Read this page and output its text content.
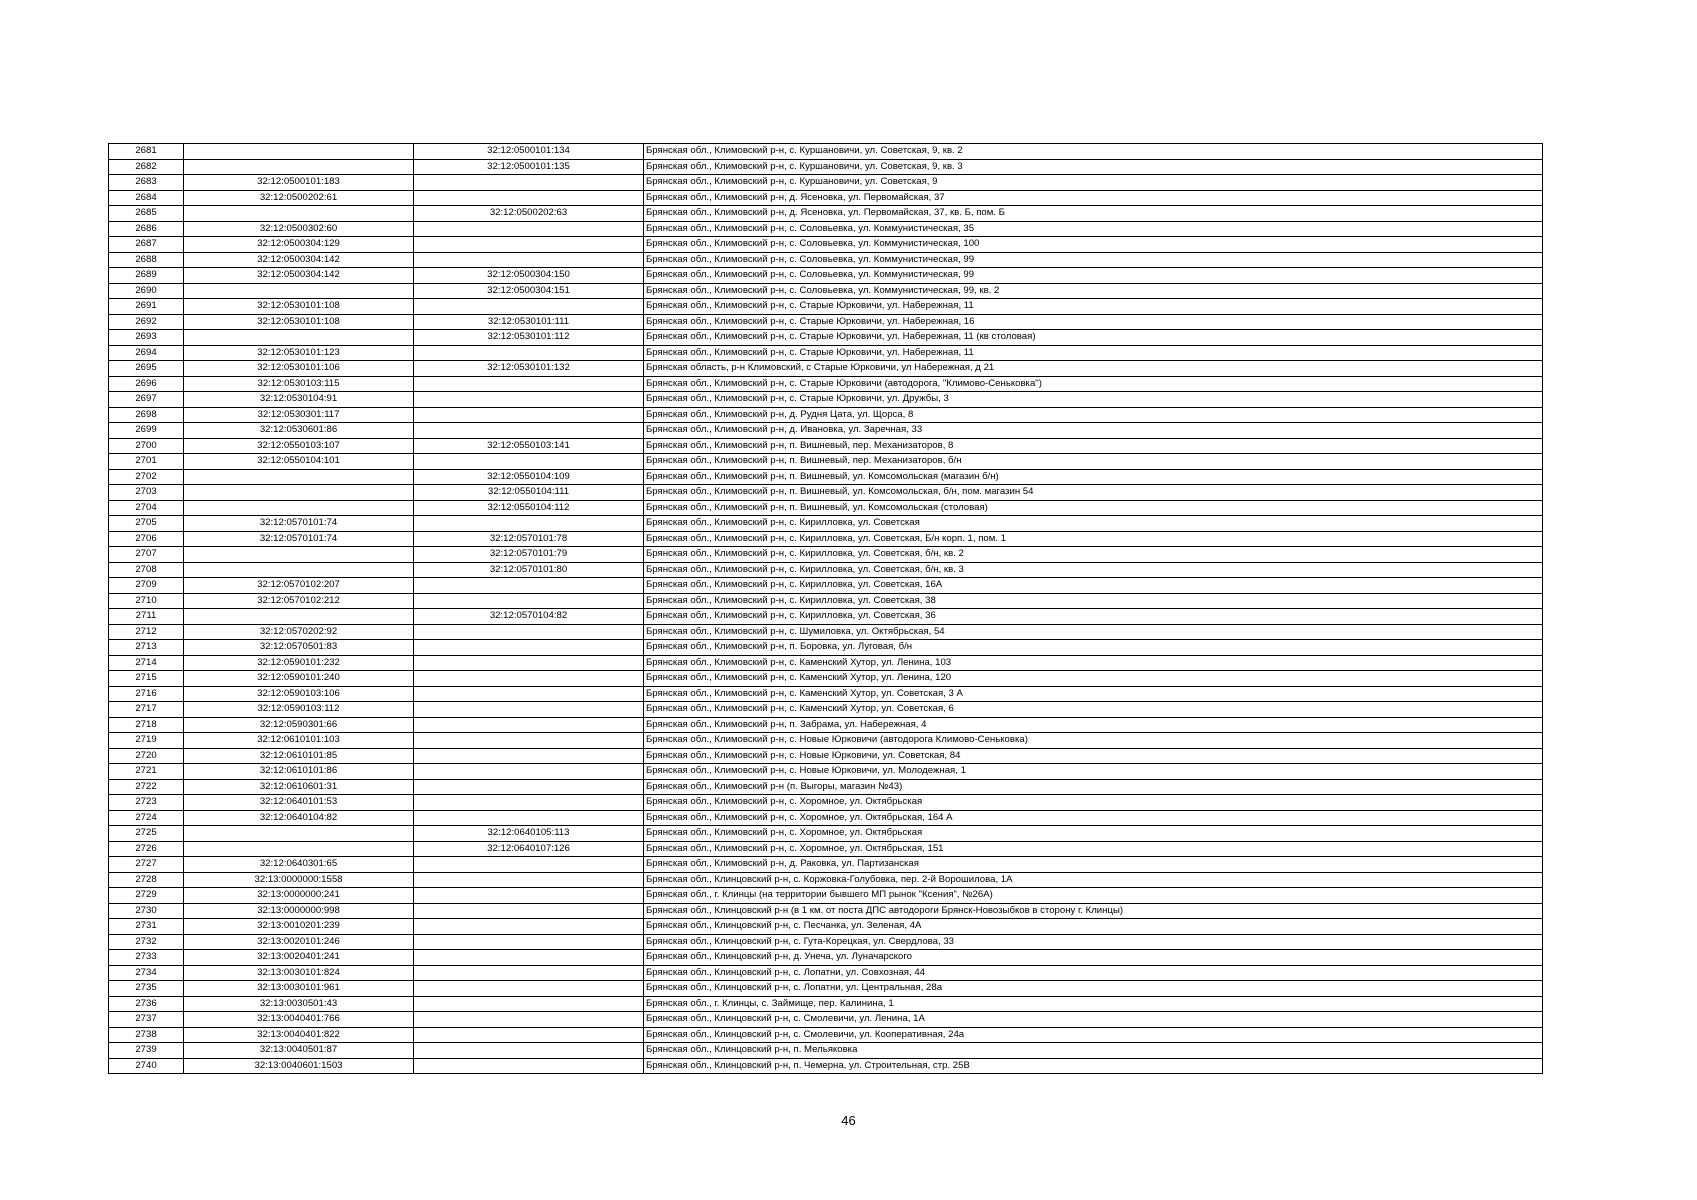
2681		32:12:0500101:134	Брянская обл., Климовский р-н, с. Куршановичи, ул. Советская, 9, кв. 2
2682		32:12:0500101:135	Брянская обл., Климовский р-н, с. Куршановичи, ул. Советская, 9, кв. 3
2683	32:12:0500101:183		Брянская обл., Климовский р-н, с. Куршановичи, ул. Советская, 9
2684	32:12:0500202:61		Брянская обл., Климовский р-н, д. Ясеновка, ул. Первомайская, 37
2685		32:12:0500202:63	Брянская обл., Климовский р-н, д. Ясеновка, ул. Первомайская, 37, кв. Б, пом. Б
2686	32:12:0500302:60		Брянская обл., Климовский р-н, с. Соловьевка, ул. Коммунистическая, 35
2687	32:12:0500304:129		Брянская обл., Климовский р-н, с. Соловьевка, ул. Коммунистическая, 100
2688	32:12:0500304:142		Брянская обл., Климовский р-н, с. Соловьевка, ул. Коммунистическая, 99
2689	32:12:0500304:142	32:12:0500304:150	Брянская обл., Климовский р-н, с. Соловьевка, ул. Коммунистическая, 99
2690		32:12:0500304:151	Брянская обл., Климовский р-н, с. Соловьевка, ул. Коммунистическая, 99, кв. 2
2691	32:12:0530101:108		Брянская обл., Климовский р-н, с. Старые Юрковичи, ул. Набережная, 11
2692	32:12:0530101:108	32:12:0530101:111	Брянская обл., Климовский р-н, с. Старые Юрковичи, ул. Набережная, 16
2693		32:12:0530101:112	Брянская обл., Климовский р-н, с. Старые Юрковичи, ул. Набережная, 11 (кв столовая)
2694	32:12:0530101:123		Брянская обл., Климовский р-н, с. Старые Юрковичи, ул. Набережная, 11
2695	32:12:0530101:106	32:12:0530101:132	Брянская область, р-н Климовский, с Старые Юрковичи, ул Набережная, д 21
2696	32:12:0530103:115		Брянская обл., Климовский р-н, с. Старые Юрковичи (автодорога, "Климово-Сеньковка")
2697	32:12:0530104:91		Брянская обл., Климовский р-н, с. Старые Юрковичи, ул. Дружбы, 3
2698	32:12:0530301:117		Брянская обл., Климовский р-н, д. Рудня Цата, ул. Щорса, 8
2699	32:12:0530601:86		Брянская обл., Климовский р-н, д. Ивановка, ул. Заречная, 33
2700	32:12:0550103:107	32:12:0550103:141	Брянская обл., Климовский р-н, п. Вишневый, пер. Механизаторов, 8
2701	32:12:0550104:101		Брянская обл., Климовский р-н, п. Вишневый, пер. Механизаторов, б/н
2702		32:12:0550104:109	Брянская обл., Климовский р-н, п. Вишневый, ул. Комсомольская (магазин б/н)
2703		32:12:0550104:111	Брянская обл., Климовский р-н, п. Вишневый, ул. Комсомольская, б/н, пом. магазин 54
2704		32:12:0550104:112	Брянская обл., Климовский р-н, п. Вишневый, ул. Комсомольская (столовая)
2705	32:12:0570101:74		Брянская обл., Климовский р-н, с. Кирилловка, ул. Советская
2706	32:12:0570101:74	32:12:0570101:78	Брянская обл., Климовский р-н, с. Кирилловка, ул. Советская, Б/н корп. 1, пом. 1
2707		32:12:0570101:79	Брянская обл., Климовский р-н, с. Кирилловка, ул. Советская, б/н, кв. 2
2708		32:12:0570101:80	Брянская обл., Климовский р-н, с. Кирилловка, ул. Советская, б/н, кв. 3
2709	32:12:0570102:207		Брянская обл., Климовский р-н, с. Кирилловка, ул. Советская, 16А
2710	32:12:0570102:212		Брянская обл., Климовский р-н, с. Кирилловка, ул. Советская, 38
2711		32:12:0570104:82	Брянская обл., Климовский р-н, с. Кирилловка, ул. Советская, 36
2712	32:12:0570202:92		Брянская обл., Климовский р-н, с. Шумиловка, ул. Октябрьская, 54
2713	32:12:0570501:83		Брянская обл., Климовский р-н, п. Боровка, ул. Луговая, б/н
2714	32:12:0590101:232		Брянская обл., Климовский р-н, с. Каменский Хутор, ул. Ленина, 103
2715	32:12:0590101:240		Брянская обл., Климовский р-н, с. Каменский Хутор, ул. Ленина, 120
2716	32:12:0590103:106		Брянская обл., Климовский р-н, с. Каменский Хутор, ул. Советская, 3 А
2717	32:12:0590103:112		Брянская обл., Климовский р-н, с. Каменский Хутор, ул. Советская, 6
2718	32:12:0590301:66		Брянская обл., Климовский р-н, п. Забрама, ул. Набережная, 4
2719	32:12:0610101:103		Брянская обл., Климовский р-н, с. Новые Юрковичи (автодорога Климово-Сеньковка)
2720	32:12:0610101:85		Брянская обл., Климовский р-н, с. Новые Юрковичи, ул. Советская, 84
2721	32:12:0610101:86		Брянская обл., Климовский р-н, с. Новые Юрковичи, ул. Молодежная, 1
2722	32:12:0610601:31		Брянская обл., Климовский р-н (п. Выгоры, магазин №43)
2723	32:12:0640101:53		Брянская обл., Климовский р-н, с. Хоромное, ул. Октябрьская
2724	32:12:0640104:82		Брянская обл., Климовский р-н, с. Хоромное, ул. Октябрьская, 164 А
2725		32:12:0640105:113	Брянская обл., Климовский р-н, с. Хоромное, ул. Октябрьская
2726		32:12:0640107:126	Брянская обл., Климовский р-н, с. Хоромное, ул. Октябрьская, 151
2727	32:12:0640301:65		Брянская обл., Климовский р-н, д. Раковка, ул. Партизанская
2728	32:13:0000000:1558		Брянская обл., Клинцовский р-н, с. Коржовка-Голубовка, пер. 2-й Ворошилова, 1А
2729	32:13:0000000:241		Брянская обл., г. Клинцы (на территории бывшего МП рынок "Ксения", №26А)
2730	32:13:0000000:998		Брянская обл., Клинцовский р-н (в 1 км. от поста ДПС автодороги Брянск-Новозыбков в сторону г. Клинцы)
2731	32:13:0010201:239		Брянская обл., Клинцовский р-н, с. Песчанка, ул. Зеленая, 4А
2732	32:13:0020101:246		Брянская обл., Клинцовский р-н, с. Гута-Корецкая, ул. Свердлова, 33
2733	32:13:0020401:241		Брянская обл., Клинцовский р-н, д. Унеча, ул. Луначарского
2734	32:13:0030101:824		Брянская обл., Клинцовский р-н, с. Лопатни, ул. Совхозная, 44
2735	32:13:0030101:961		Брянская обл., Клинцовский р-н, с. Лопатни, ул. Центральная, 28а
2736	32:13:0030501:43		Брянская обл., г. Клинцы, с. Займище, пер. Калинина, 1
2737	32:13:0040401:766		Брянская обл., Клинцовский р-н, с. Смолевичи, ул. Ленина, 1А
2738	32:13:0040401:822		Брянская обл., Клинцовский р-н, с. Смолевичи, ул. Кооперативная, 24а
2739	32:13:0040501:87		Брянская обл., Клинцовский р-н, п. Мельяковка
2740	32:13:0040601:1503		Брянская обл., Клинцовский р-н, п. Чемерна, ул. Строительная, стр. 25В
46
